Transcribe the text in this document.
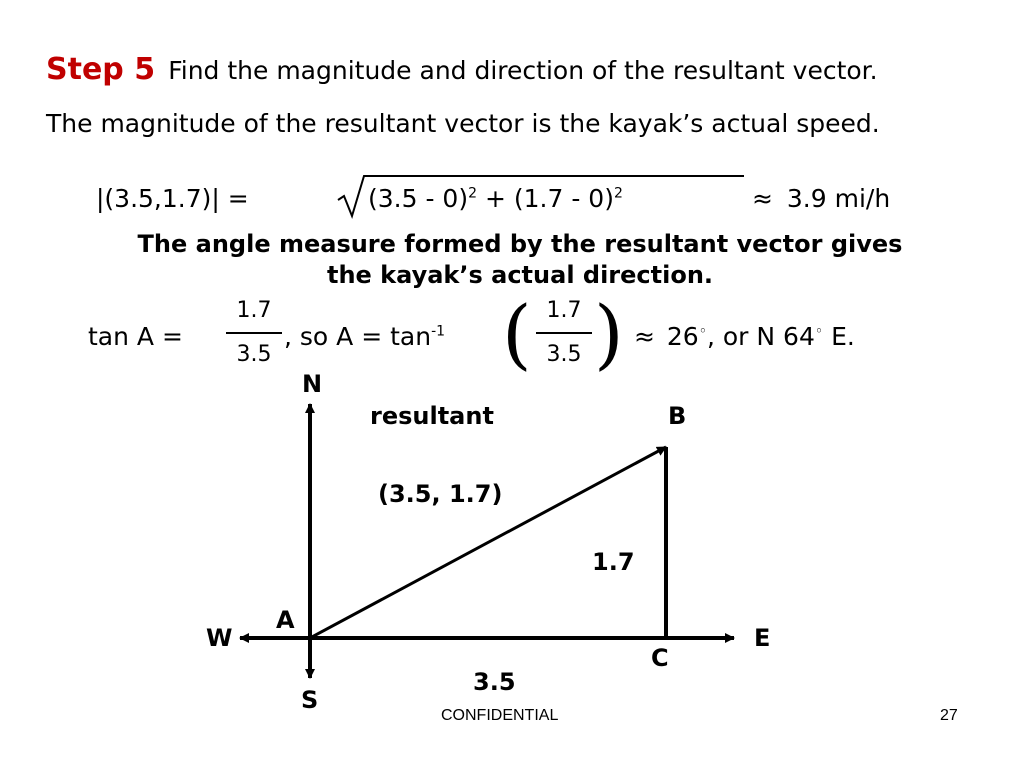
Step 5 Find the magnitude and direction of the resultant vector.
The magnitude of the resultant vector is the kayak’s actual speed.
|(3.5,1.7)| =	(3.5 - 0)$^2$ + (1.7 - 0)$^2$	≈ 3.9 mi/h
The angle measure formed by the resultant vector gives
the kayak’s actual direction.
tan A =
1.7
3.5
, so $A = \tan^{-1}$ ( 1.7
3.5 ) ≈ 26◦, or N 64◦ E.
N
S
W	E
A
B
C
resultant
(3.5, 1.7)
1.7
3.5
CONFIDENTIAL	27
